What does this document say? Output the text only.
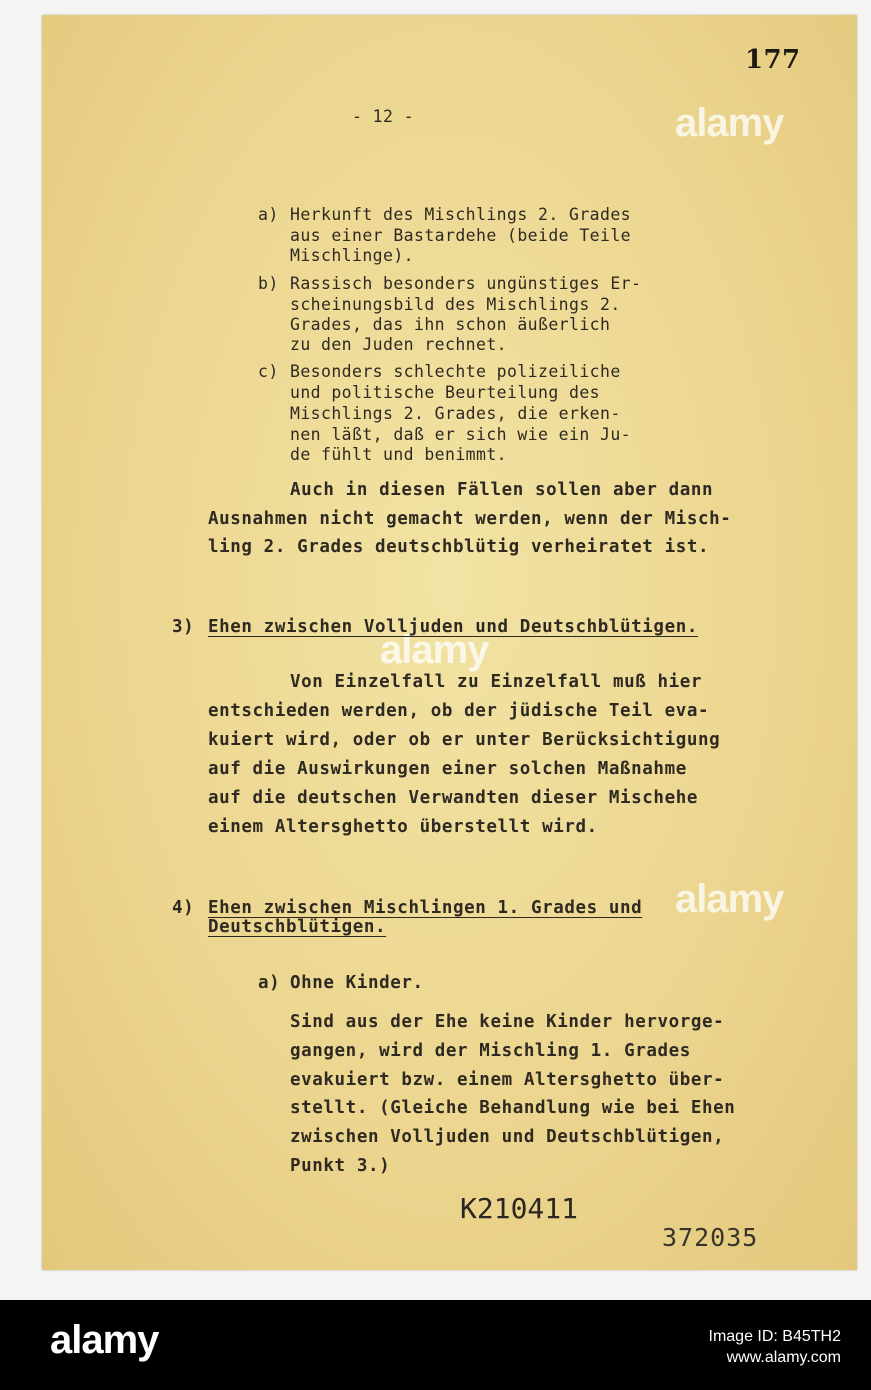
alamy
alamy
alamy

177

- 12 -

a) Herkunft des Mischlings 2. Grades

aus einer Bastardehe (beide Teile

Mischlinge).

b) Rassisch besonders ungünstiges Er-

scheinungsbild des Mischlings 2.

Grades, das ihn schon äußerlich

zu den Juden rechnet.

c) Besonders schlechte polizeiliche

und politische Beurteilung des

Mischlings 2. Grades, die erken-

nen läßt, daß er sich wie ein Ju-

de fühlt und benimmt.

Auch in diesen Fällen sollen aber dann

Ausnahmen nicht gemacht werden, wenn der Misch-

ling 2. Grades deutschblütig verheiratet ist.

3) Ehen zwischen Volljuden und Deutschblütigen.

Von Einzelfall zu Einzelfall muß hier

entschieden werden, ob der jüdische Teil eva-

kuiert wird, oder ob er unter Berücksichtigung

auf die Auswirkungen einer solchen Maßnahme

auf die deutschen Verwandten dieser Mischehe

einem Altersghetto überstellt wird.

4) Ehen zwischen Mischlingen 1. Grades und

Deutschblütigen.

a) Ohne Kinder.

Sind aus der Ehe keine Kinder hervorge-

gangen, wird der Mischling 1. Grades

evakuiert bzw. einem Altersghetto über-

stellt. (Gleiche Behandlung wie bei Ehen

zwischen Volljuden und Deutschblütigen,

Punkt 3.)

K210411

372035

alamy	Image ID: B45TH2
www.alamy.com
